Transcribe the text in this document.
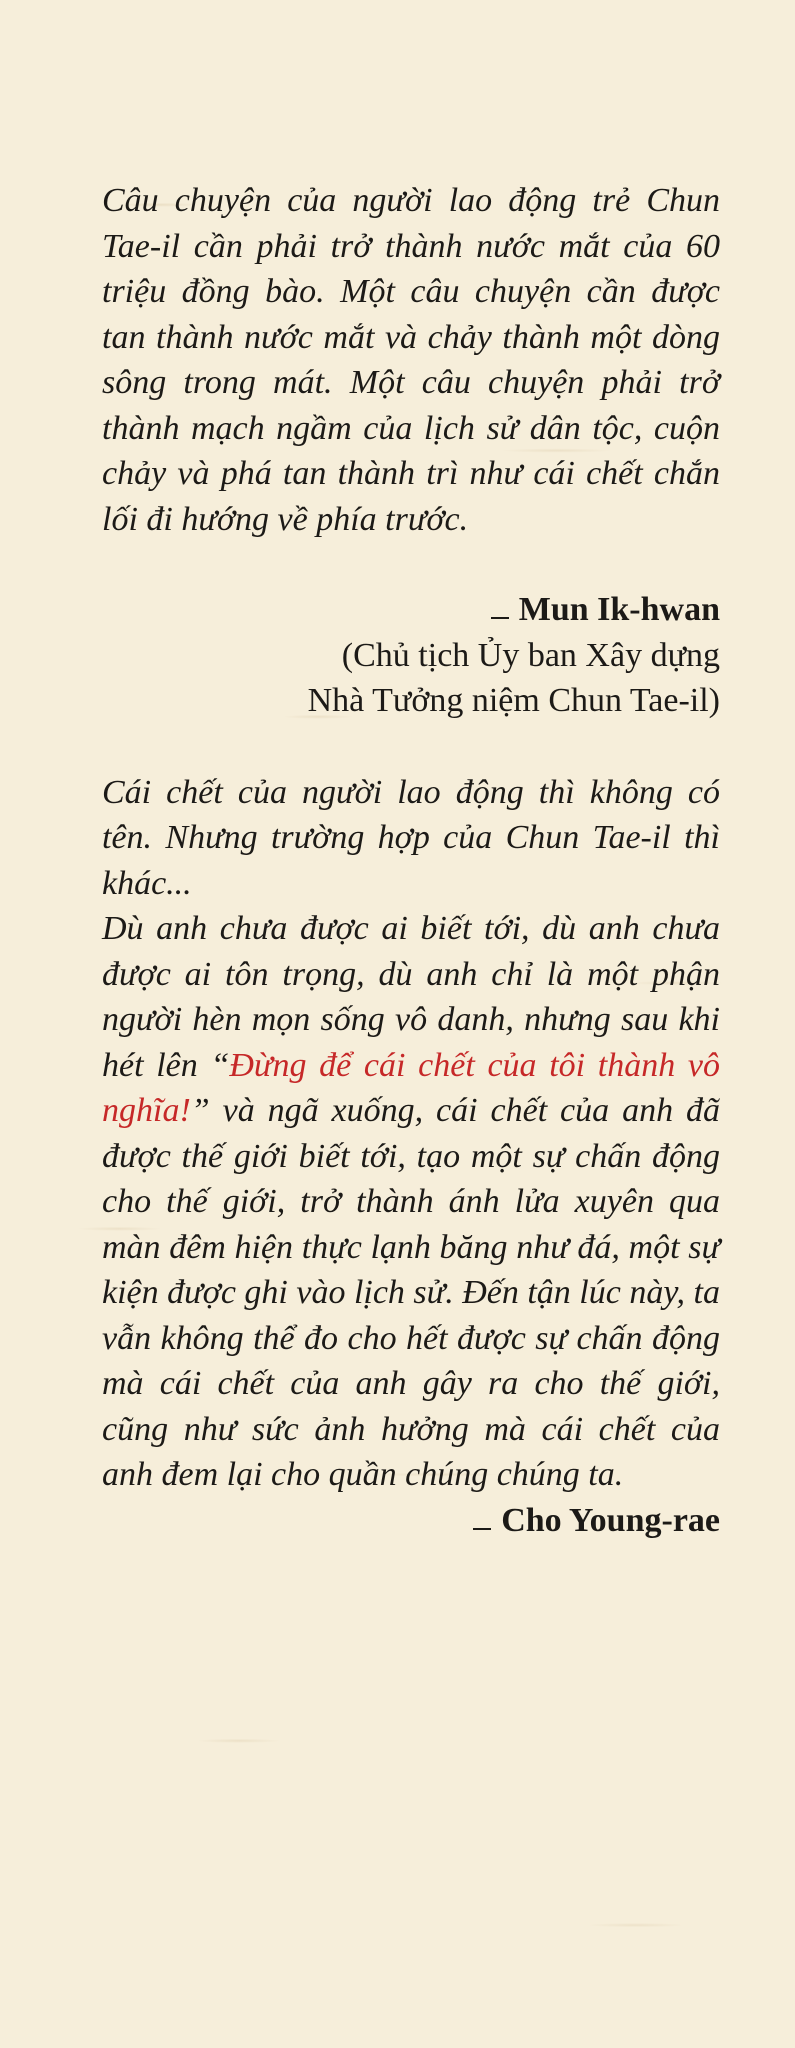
Câu chuyện của người lao động trẻ Chun Tae-il cần phải trở thành nước mắt của 60 triệu đồng bào. Một câu chuyện cần được tan thành nước mắt và chảy thành một dòng sông trong mát. Một câu chuyện phải trở thành mạch ngầm của lịch sử dân tộc, cuộn chảy và phá tan thành trì như cái chết chắn lối đi hướng về phía trước.

Mun Ik-hwan

(Chủ tịch Ủy ban Xây dựng

Nhà Tưởng niệm Chun Tae-il)

Cái chết của người lao động thì không có tên. Nhưng trường hợp của Chun Tae-il thì khác...

Dù anh chưa được ai biết tới, dù anh chưa được ai tôn trọng, dù anh chỉ là một phận người hèn mọn sống vô danh, nhưng sau khi hét lên “Đừng để cái chết của tôi thành vô nghĩa!” và ngã xuống, cái chết của anh đã được thế giới biết tới, tạo một sự chấn động cho thế giới, trở thành ánh lửa xuyên qua màn đêm hiện thực lạnh băng như đá, một sự kiện được ghi vào lịch sử. Đến tận lúc này, ta vẫn không thể đo cho hết được sự chấn động mà cái chết của anh gây ra cho thế giới, cũng như sức ảnh hưởng mà cái chết của anh đem lại cho quần chúng chúng ta.

Cho Young-rae
